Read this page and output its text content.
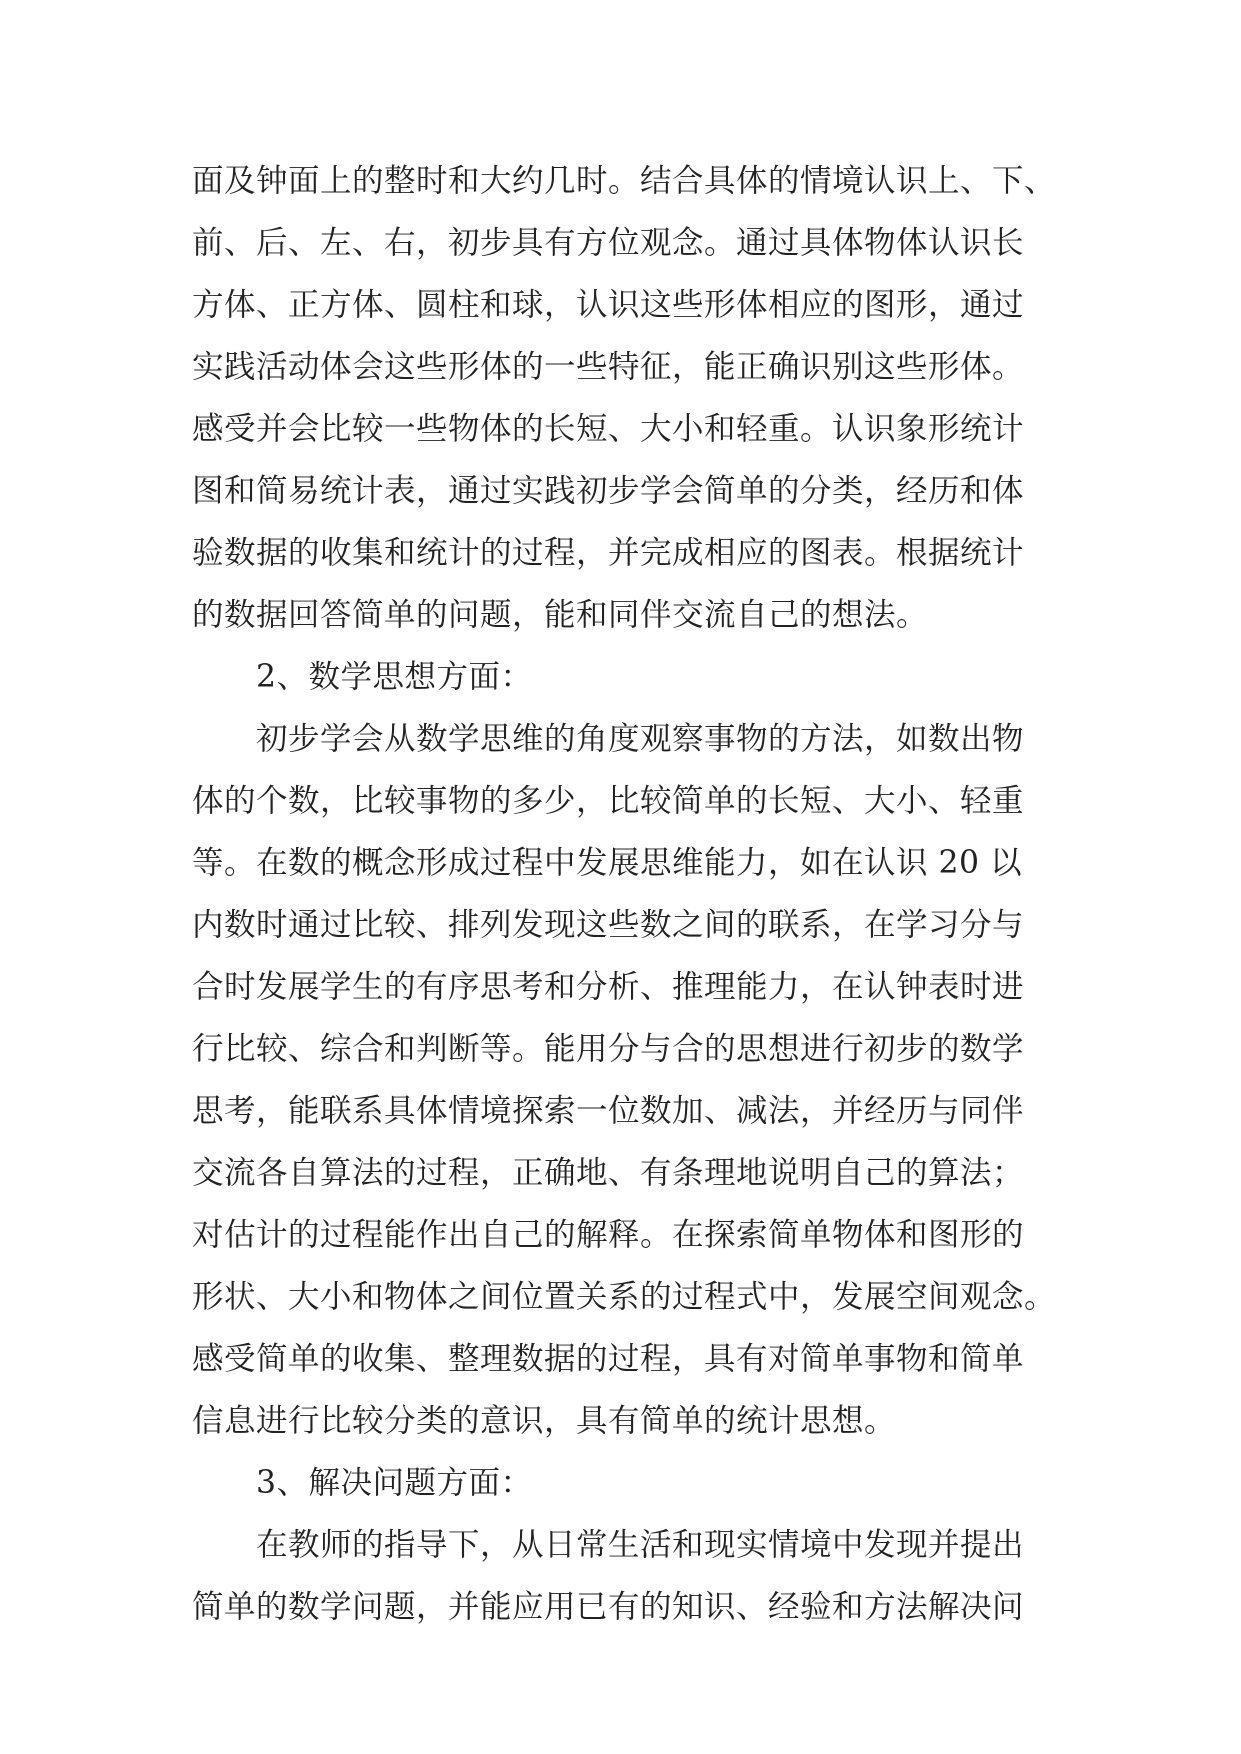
面及钟面上的整时和大约几时。结合具体的情境认识上、下、
前、后、左、右，初步具有方位观念。通过具体物体认识长
方体、正方体、圆柱和球，认识这些形体相应的图形，通过
实践活动体会这些形体的一些特征，能正确识别这些形体。
感受并会比较一些物体的长短、大小和轻重。认识象形统计
图和简易统计表，通过实践初步学会简单的分类，经历和体
验数据的收集和统计的过程，并完成相应的图表。根据统计
的数据回答简单的问题，能和同伴交流自己的想法。
2、数学思想方面：
初步学会从数学思维的角度观察事物的方法，如数出物
体的个数，比较事物的多少，比较简单的长短、大小、轻重
等。在数的概念形成过程中发展思维能力，如在认识 20 以
内数时通过比较、排列发现这些数之间的联系，在学习分与
合时发展学生的有序思考和分析、推理能力，在认钟表时进
行比较、综合和判断等。能用分与合的思想进行初步的数学
思考，能联系具体情境探索一位数加、减法，并经历与同伴
交流各自算法的过程，正确地、有条理地说明自己的算法；
对估计的过程能作出自己的解释。在探索简单物体和图形的
形状、大小和物体之间位置关系的过程式中，发展空间观念。
感受简单的收集、整理数据的过程，具有对简单事物和简单
信息进行比较分类的意识，具有简单的统计思想。
3、解决问题方面：
在教师的指导下，从日常生活和现实情境中发现并提出
简单的数学问题，并能应用已有的知识、经验和方法解决问
